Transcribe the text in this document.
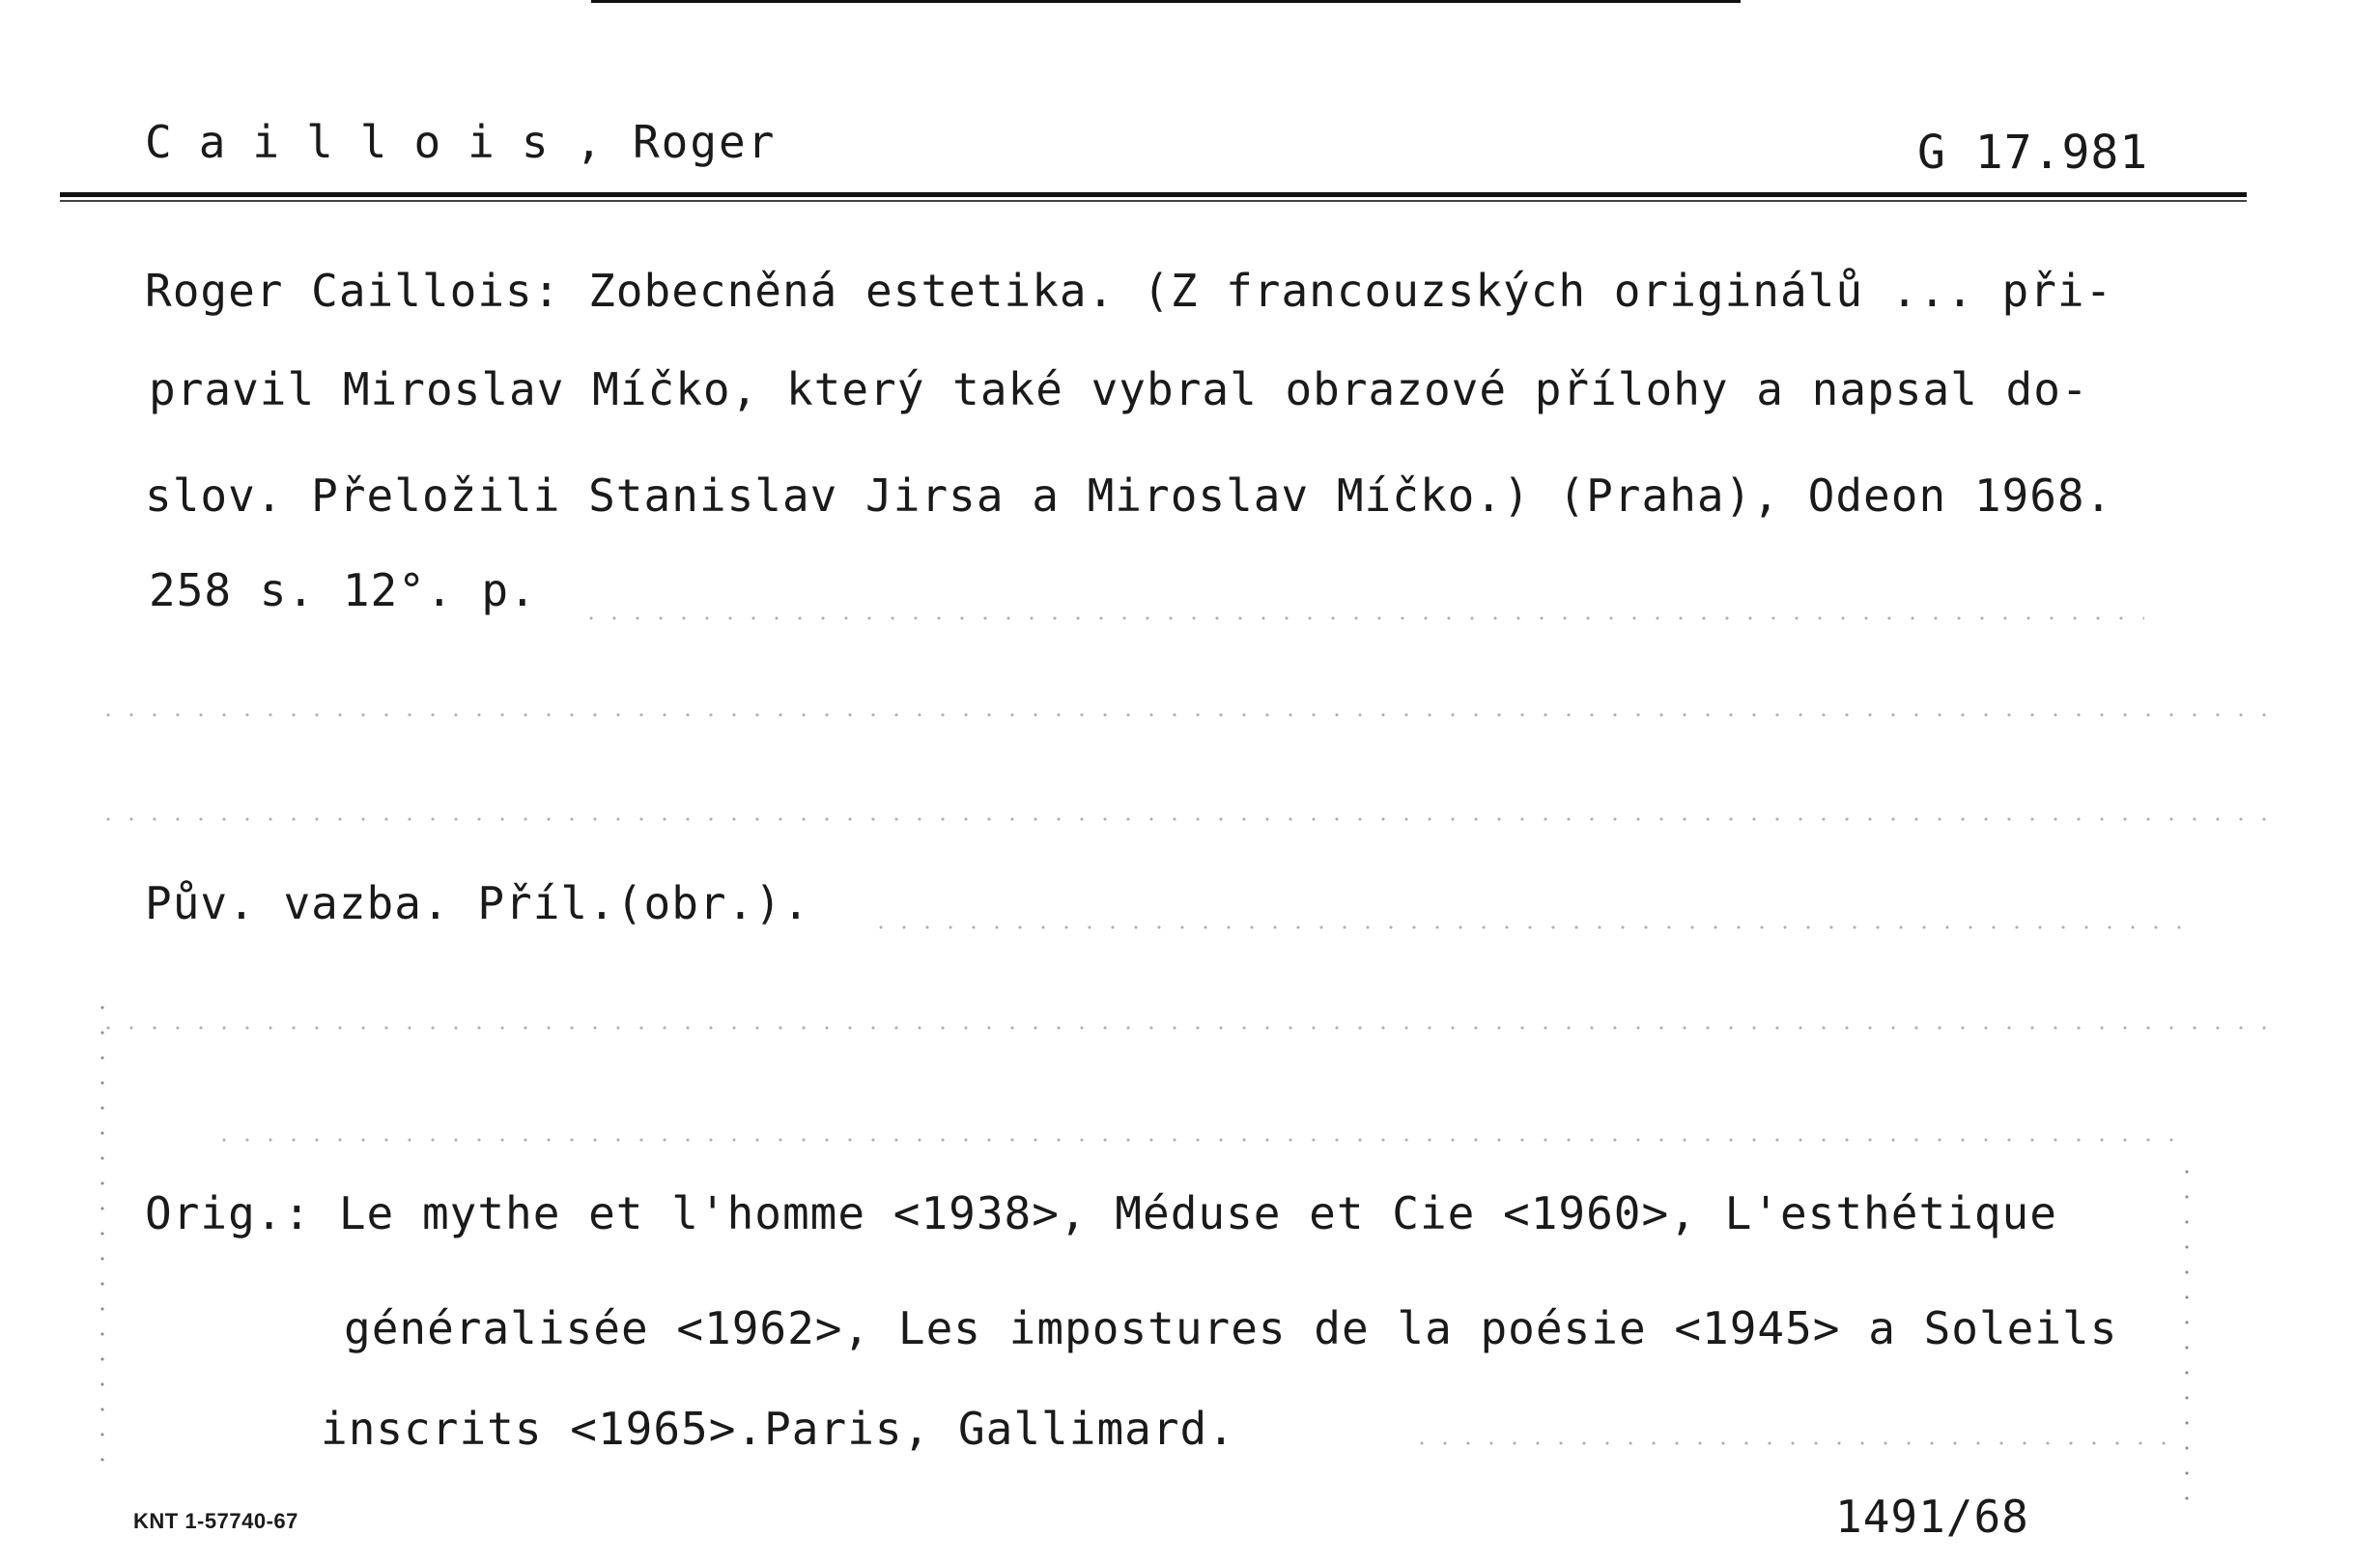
Caillois, Roger	G 17.981
Roger Caillois: Zobecněná estetika. (Z francouzských originálů ... při-
pravil Miroslav Míčko, který také vybral obrazové přílohy a napsal do-
slov. Přeložili Stanislav Jirsa a Miroslav Míčko.) (Praha), Odeon 1968.
258 s. 12°. p.
Pův. vazba. Příl.(obr.).
Orig.: Le mythe et l'homme <1938>, Méduse et Cie <1960>, L'esthétique
généralisée <1962>, Les impostures de la poésie <1945> a Soleils
inscrits <1965>.Paris, Gallimard.
KNT 1-57740-67	1491/68
